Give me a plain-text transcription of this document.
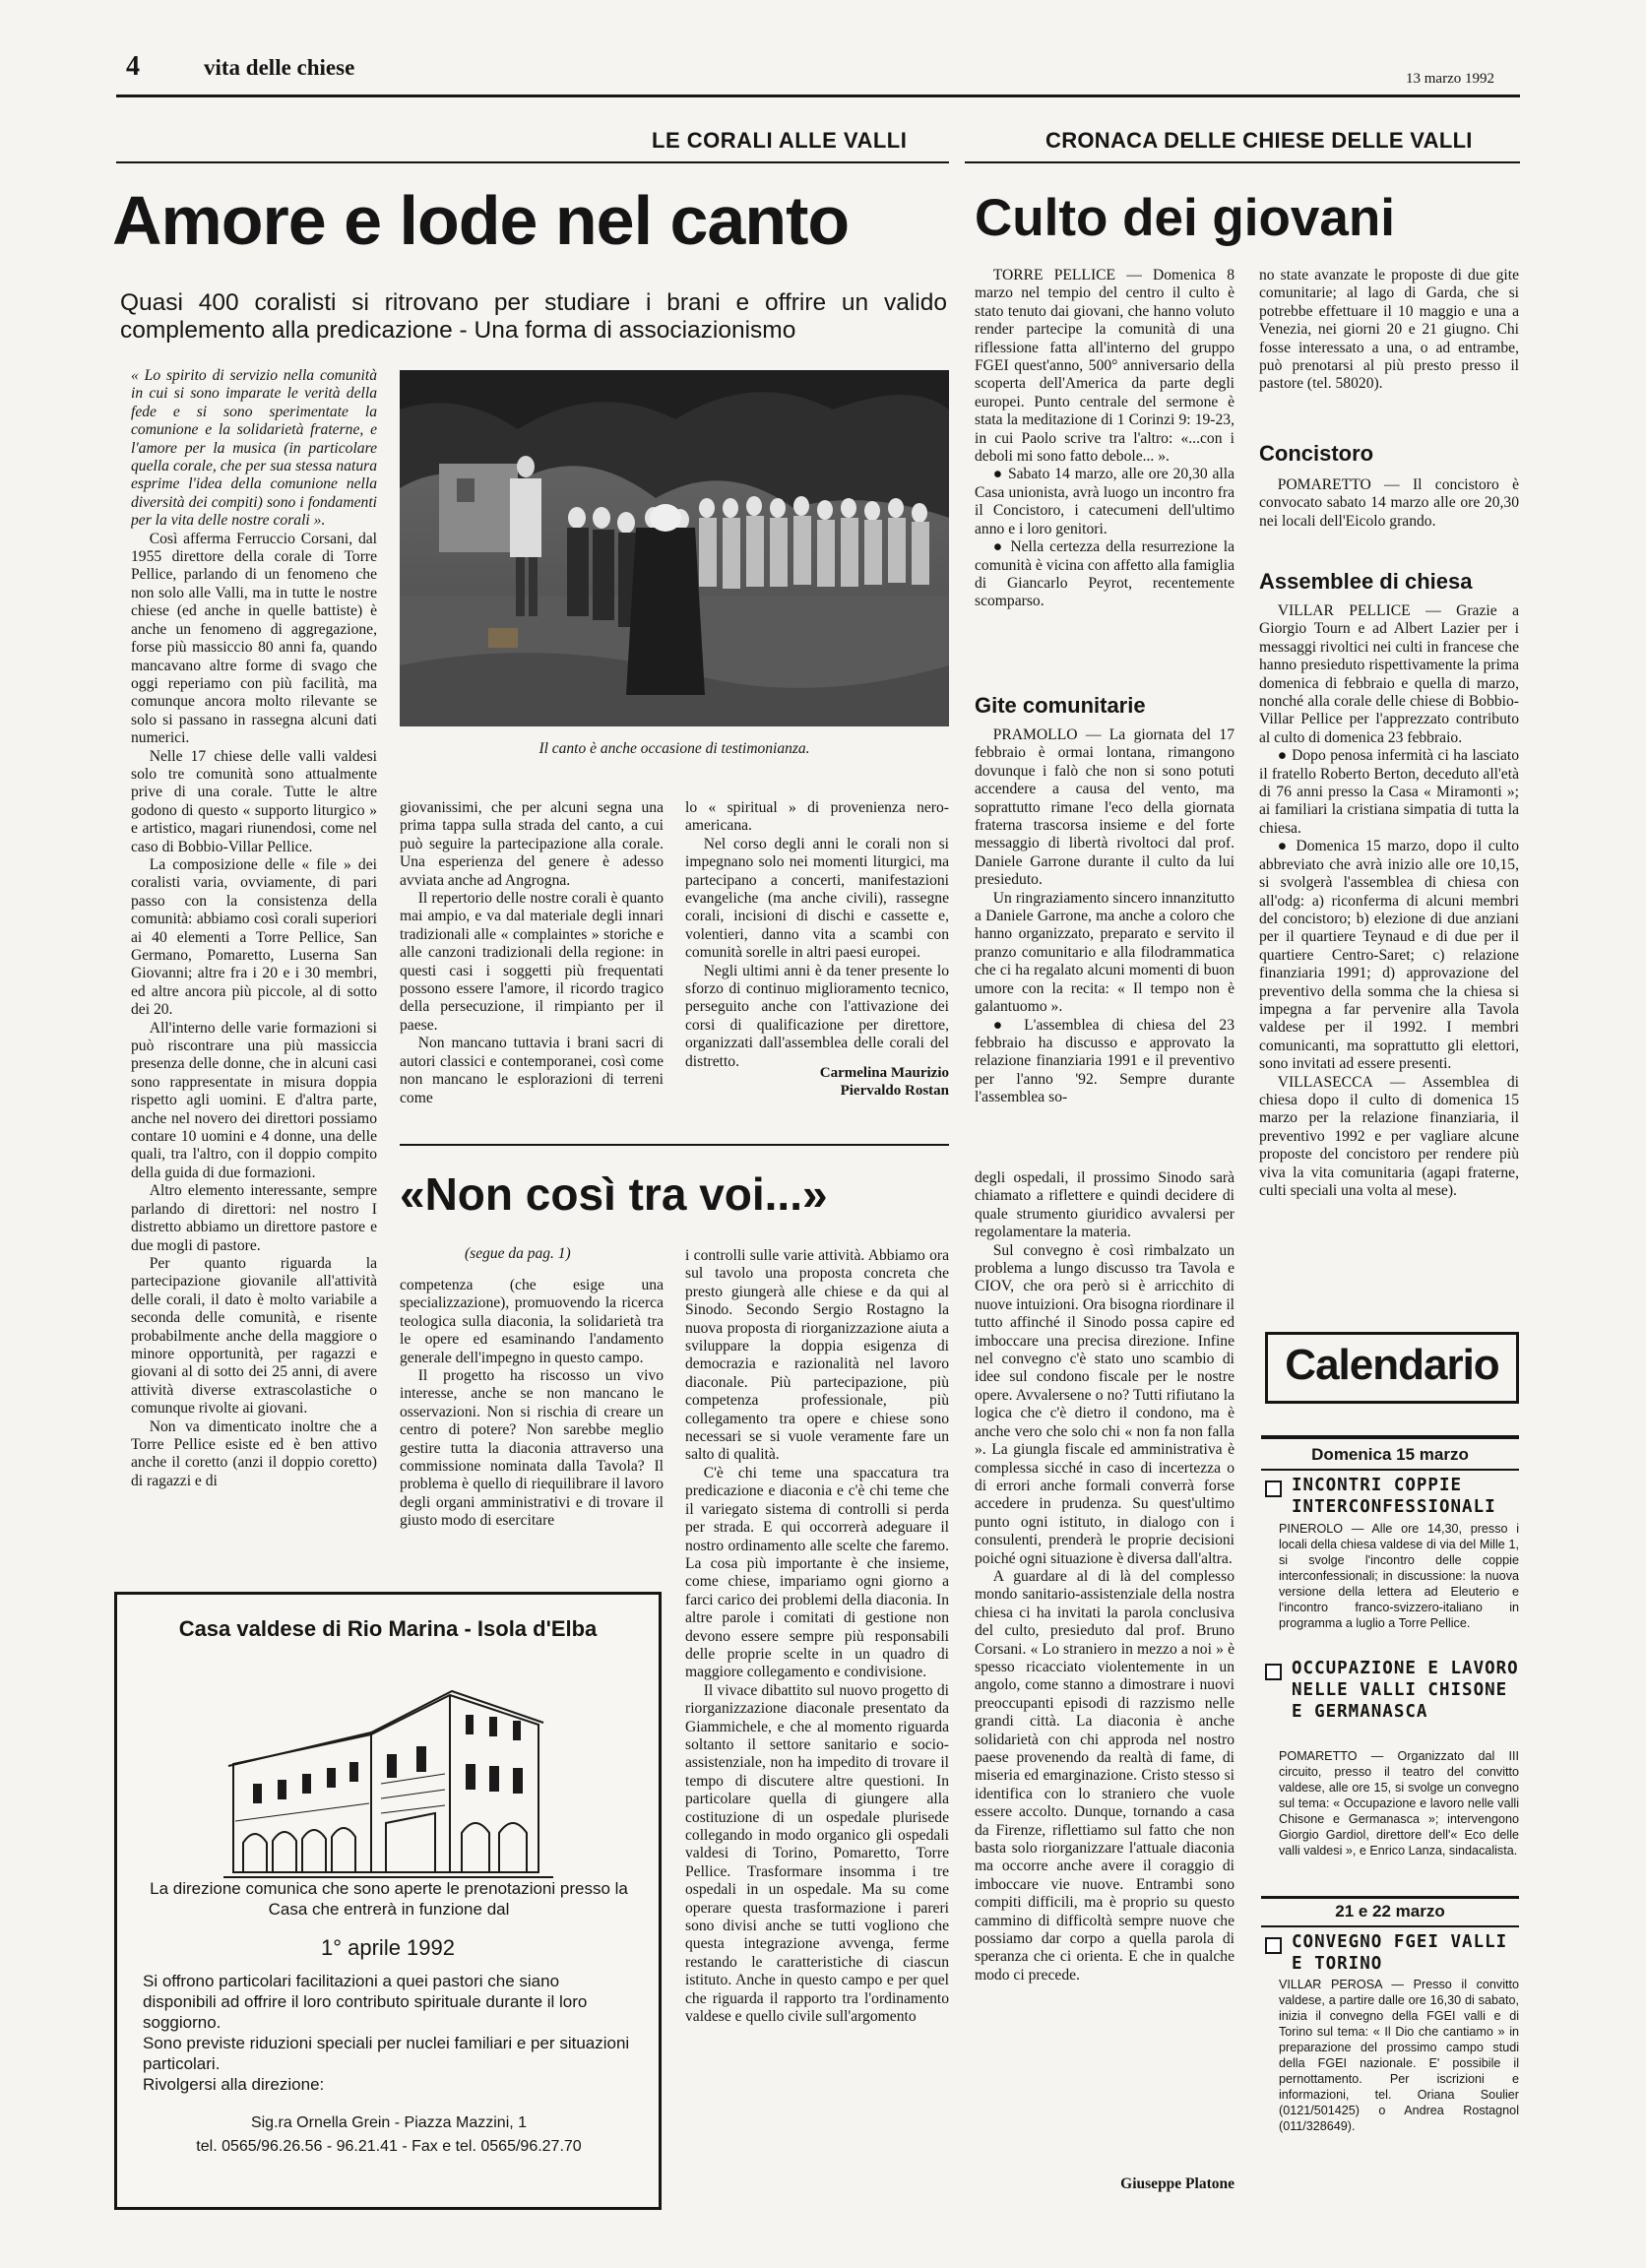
4	vita delle chiese	13 marzo 1992
LE CORALI ALLE VALLI	CRONACA DELLE CHIESE DELLE VALLI
Amore e lode nel canto Culto dei giovani
Quasi 400 coralisti si ritrovano per studiare i brani e offrire un valido complemento alla predicazione - Una forma di associazionismo

« Lo spirito di servizio nella comunità in cui si sono imparate le verità della fede e si sono sperimentate la comunione e la solidarietà fraterne, e l'amore per la musica (in particolare quella corale, che per sua stessa natura esprime l'idea della comunione nella diversità dei compiti) sono i fondamenti per la vita delle nostre corali ».

Così afferma Ferruccio Corsani, dal 1955 direttore della corale di Torre Pellice, parlando di un fenomeno che non solo alle Valli, ma in tutte le nostre chiese (ed anche in quelle battiste) è anche un fenomeno di aggregazione, forse più massiccio 80 anni fa, quando mancavano altre forme di svago che oggi reperiamo con più facilità, ma comunque ancora molto rilevante se solo si passano in rassegna alcuni dati numerici.

Nelle 17 chiese delle valli valdesi solo tre comunità sono attualmente prive di una corale. Tutte le altre godono di questo « supporto liturgico » e artistico, magari riunendosi, come nel caso di Bobbio-Villar Pellice.

La composizione delle « file » dei coralisti varia, ovviamente, di pari passo con la consistenza della comunità: abbiamo così corali superiori ai 40 elementi a Torre Pellice, San Germano, Pomaretto, Luserna San Giovanni; altre fra i 20 e i 30 membri, ed altre ancora più piccole, al di sotto dei 20.

All'interno delle varie formazioni si può riscontrare una più massiccia presenza delle donne, che in alcuni casi sono rappresentate in misura doppia rispetto agli uomini. E d'altra parte, anche nel novero dei direttori possiamo contare 10 uomini e 4 donne, una delle quali, tra l'altro, con il doppio compito della guida di due formazioni.

Altro elemento interessante, sempre parlando di direttori: nel nostro I distretto abbiamo un direttore pastore e due mogli di pastore.

Per quanto riguarda la partecipazione giovanile all'attività delle corali, il dato è molto variabile a seconda delle comunità, e risente probabilmente anche della maggiore o minore opportunità, per ragazzi e giovani al di sotto dei 25 anni, di avere attività diverse extrascolastiche o comunque rivolte ai giovani.

Non va dimenticato inoltre che a Torre Pellice esiste ed è ben attivo anche il coretto (anzi il doppio coretto) di ragazzi e di

Il canto è anche occasione di testimonianza.

giovanissimi, che per alcuni segna una prima tappa sulla strada del canto, a cui può seguire la partecipazione alla corale. Una esperienza del genere è adesso avviata anche ad Angrogna.

Il repertorio delle nostre corali è quanto mai ampio, e va dal materiale degli innari tradizionali alle « complaintes » storiche e alle canzoni tradizionali della regione: in questi casi i soggetti più frequentati possono essere l'amore, il ricordo tragico della persecuzione, il rimpianto per il paese.

Non mancano tuttavia i brani sacri di autori classici e contemporanei, così come non mancano le esplorazioni di terreni come

lo « spiritual » di provenienza nero-americana.

Nel corso degli anni le corali non si impegnano solo nei momenti liturgici, ma partecipano a concerti, manifestazioni evangeliche (ma anche civili), rassegne corali, incisioni di dischi e cassette e, volentieri, danno vita a scambi con comunità sorelle in altri paesi europei.

Negli ultimi anni è da tener presente lo sforzo di continuo miglioramento tecnico, perseguito anche con l'attivazione dei corsi di qualificazione per direttore, organizzati dall'assemblea delle corali del distretto.

Carmelina Maurizio
Piervaldo Rostan

TORRE PELLICE — Domenica 8 marzo nel tempio del centro il culto è stato tenuto dai giovani, che hanno voluto render partecipe la comunità di una riflessione fatta all'interno del gruppo FGEI quest'anno, 500° anniversario della scoperta dell'America da parte degli europei. Punto centrale del sermone è stata la meditazione di 1 Corinzi 9: 19-23, in cui Paolo scrive tra l'altro: «...con i deboli mi sono fatto debole... ».

● Sabato 14 marzo, alle ore 20,30 alla Casa unionista, avrà luogo un incontro fra il Concistoro, i catecumeni dell'ultimo anno e i loro genitori.

● Nella certezza della resurrezione la comunità è vicina con affetto alla famiglia di Giancarlo Peyrot, recentemente scomparso.

Gite comunitarie

PRAMOLLO — La giornata del 17 febbraio è ormai lontana, rimangono dovunque i falò che non si sono potuti accendere a causa del vento, ma soprattutto rimane l'eco della giornata fraterna trascorsa insieme e del forte messaggio di libertà rivoltoci dal prof. Daniele Garrone durante il culto da lui presieduto.

Un ringraziamento sincero innanzitutto a Daniele Garrone, ma anche a coloro che hanno organizzato, preparato e servito il pranzo comunitario e alla filodrammatica che ci ha regalato alcuni momenti di buon umore con la recita: « Il tempo non è galantuomo ».

● L'assemblea di chiesa del 23 febbraio ha discusso e approvato la relazione finanziaria 1991 e il preventivo per l'anno '92. Sempre durante l'assemblea so-

no state avanzate le proposte di due gite comunitarie; al lago di Garda, che si potrebbe effettuare il 10 maggio e una a Venezia, nei giorni 20 e 21 giugno. Chi fosse interessato a una, o ad entrambe, può prenotarsi al più presto presso il pastore (tel. 58020).

Concistoro

POMARETTO — Il concistoro è convocato sabato 14 marzo alle ore 20,30 nei locali dell'Eicolo grando.

Assemblee di chiesa

VILLAR PELLICE — Grazie a Giorgio Tourn e ad Albert Lazier per i messaggi rivoltici nei culti in francese che hanno presieduto rispettivamente la prima domenica di febbraio e quella di marzo, nonché alla corale delle chiese di Bobbio-Villar Pellice per l'apprezzato contributo al culto di domenica 23 febbraio.

● Dopo penosa infermità ci ha lasciato il fratello Roberto Berton, deceduto all'età di 76 anni presso la Casa « Miramonti »; ai familiari la cristiana simpatia di tutta la chiesa.

● Domenica 15 marzo, dopo il culto abbreviato che avrà inizio alle ore 10,15, si svolgerà l'assemblea di chiesa con all'odg: a) riconferma di alcuni membri del concistoro; b) elezione di due anziani per il quartiere Teynaud e di due per il quartiere Centro-Saret; c) relazione finanziaria 1991; d) approvazione del preventivo della somma che la chiesa si impegna a far pervenire alla Tavola valdese per il 1992. I membri comunicanti, ma soprattutto gli elettori, sono invitati ad essere presenti.

VILLASECCA — Assemblea di chiesa dopo il culto di domenica 15 marzo per la relazione finanziaria, il preventivo 1992 e per vagliare alcune proposte del concistoro per rendere più viva la vita comunitaria (agapi fraterne, culti speciali una volta al mese).

«Non così tra voi...»
(segue da pag. 1)

competenza (che esige una specializzazione), promuovendo la ricerca teologica sulla diaconia, la solidarietà tra le opere ed esaminando l'andamento generale dell'impegno in questo campo.

Il progetto ha riscosso un vivo interesse, anche se non mancano le osservazioni. Non si rischia di creare un centro di potere? Non sarebbe meglio gestire tutta la diaconia attraverso una commissione nominata dalla Tavola? Il problema è quello di riequilibrare il lavoro degli organi amministrativi e di trovare il giusto modo di esercitare

i controlli sulle varie attività. Abbiamo ora sul tavolo una proposta concreta che presto giungerà alle chiese e da qui al Sinodo. Secondo Sergio Rostagno la nuova proposta di riorganizzazione aiuta a sviluppare la doppia esigenza di democrazia e razionalità nel lavoro diaconale. Più partecipazione, più competenza professionale, più collegamento tra opere e chiese sono necessari se si vuole veramente fare un salto di qualità.

C'è chi teme una spaccatura tra predicazione e diaconia e c'è chi teme che il variegato sistema di controlli si perda per strada. E qui occorrerà adeguare il nostro ordinamento alle scelte che faremo. La cosa più importante è che insieme, come chiese, impariamo ogni giorno a farci carico dei problemi della diaconia. In altre parole i comitati di gestione non devono essere sempre più responsabili delle proprie scelte in un quadro di maggiore collegamento e condivisione.

Il vivace dibattito sul nuovo progetto di riorganizzazione diaconale presentato da Giammichele, e che al momento riguarda soltanto il settore sanitario e socio-assistenziale, non ha impedito di trovare il tempo di discutere altre questioni. In particolare quella di giungere alla costituzione di un ospedale plurisede collegando in modo organico gli ospedali valdesi di Torino, Pomaretto, Torre Pellice. Trasformare insomma i tre ospedali in un ospedale. Ma su come operare questa trasformazione i pareri sono divisi anche se tutti vogliono che questa integrazione avvenga, ferme restando le caratteristiche di ciascun istituto. Anche in questo campo e per quel che riguarda il rapporto tra l'ordinamento valdese e quello civile sull'argomento

degli ospedali, il prossimo Sinodo sarà chiamato a riflettere e quindi decidere di quale strumento giuridico avvalersi per regolamentare la materia.

Sul convegno è così rimbalzato un problema a lungo discusso tra Tavola e CIOV, che ora però si è arricchito di nuove intuizioni. Ora bisogna riordinare il tutto affinché il Sinodo possa capire ed imboccare una precisa direzione. Infine nel convegno c'è stato uno scambio di idee sul condono fiscale per le nostre opere. Avvalersene o no? Tutti rifiutano la logica che c'è dietro il condono, ma è anche vero che solo chi « non fa non falla ». La giungla fiscale ed amministrativa è complessa sicché in caso di incertezza o di errori anche formali converrà forse accedere in prudenza. Su quest'ultimo punto ogni istituto, in dialogo con i consulenti, prenderà le proprie decisioni poiché ogni situazione è diversa dall'altra.

A guardare al di là del complesso mondo sanitario-assistenziale della nostra chiesa ci ha invitati la parola conclusiva del culto, presieduto dal prof. Bruno Corsani. « Lo straniero in mezzo a noi » è spesso ricacciato violentemente in un angolo, come stanno a dimostrare i nuovi preoccupanti episodi di razzismo nelle grandi città. La diaconia è anche solidarietà con chi approda nel nostro paese provenendo da realtà di fame, di miseria ed emarginazione. Cristo stesso si identifica con lo straniero che vuole essere accolto. Dunque, tornando a casa da Firenze, riflettiamo sul fatto che non basta solo riorganizzare l'attuale diaconia ma occorre anche avere il coraggio di imboccare vie nuove. Entrambi sono compiti difficili, ma è proprio su questo cammino di difficoltà sempre nuove che possiamo dar corpo a quella parola di speranza che ci orienta. E che in qualche modo ci precede.

Giuseppe Platone
Casa valdese di Rio Marina - Isola d'Elba
La direzione comunica che sono aperte le prenotazioni presso la Casa che entrerà in funzione dal
1° aprile 1992
Si offrono particolari facilitazioni a quei pastori che siano disponibili ad offrire il loro contributo spirituale durante il loro soggiorno.
Sono previste riduzioni speciali per nuclei familiari e per situazioni particolari.
Rivolgersi alla direzione:
Sig.ra Ornella Grein - Piazza Mazzini, 1
tel. 0565/96.26.56 - 96.21.41 - Fax e tel. 0565/96.27.70
Calendario
Domenica 15 marzo
INCONTRI COPPIE INTERCONFESSIONALI
PINEROLO — Alle ore 14,30, presso i locali della chiesa valdese di via del Mille 1, si svolge l'incontro delle coppie interconfessionali; in discussione: la nuova versione della lettera ad Eleuterio e l'incontro franco-svizzero-italiano in programma a luglio a Torre Pellice.
OCCUPAZIONE E LAVORO NELLE VALLI CHISONE E GERMANASCA
POMARETTO — Organizzato dal III circuito, presso il teatro del convitto valdese, alle ore 15, si svolge un convegno sul tema: « Occupazione e lavoro nelle valli Chisone e Germanasca »; intervengono Giorgio Gardiol, direttore dell'« Eco delle valli valdesi », e Enrico Lanza, sindacalista.
21 e 22 marzo
CONVEGNO FGEI VALLI E TORINO
VILLAR PEROSA — Presso il convitto valdese, a partire dalle ore 16,30 di sabato, inizia il convegno della FGEI valli e di Torino sul tema: « Il Dio che cantiamo » in preparazione del prossimo campo studi della FGEI nazionale. E' possibile il pernottamento. Per iscrizioni e informazioni, tel. Oriana Soulier (0121/501425) o Andrea Rostagnol (011/328649).
